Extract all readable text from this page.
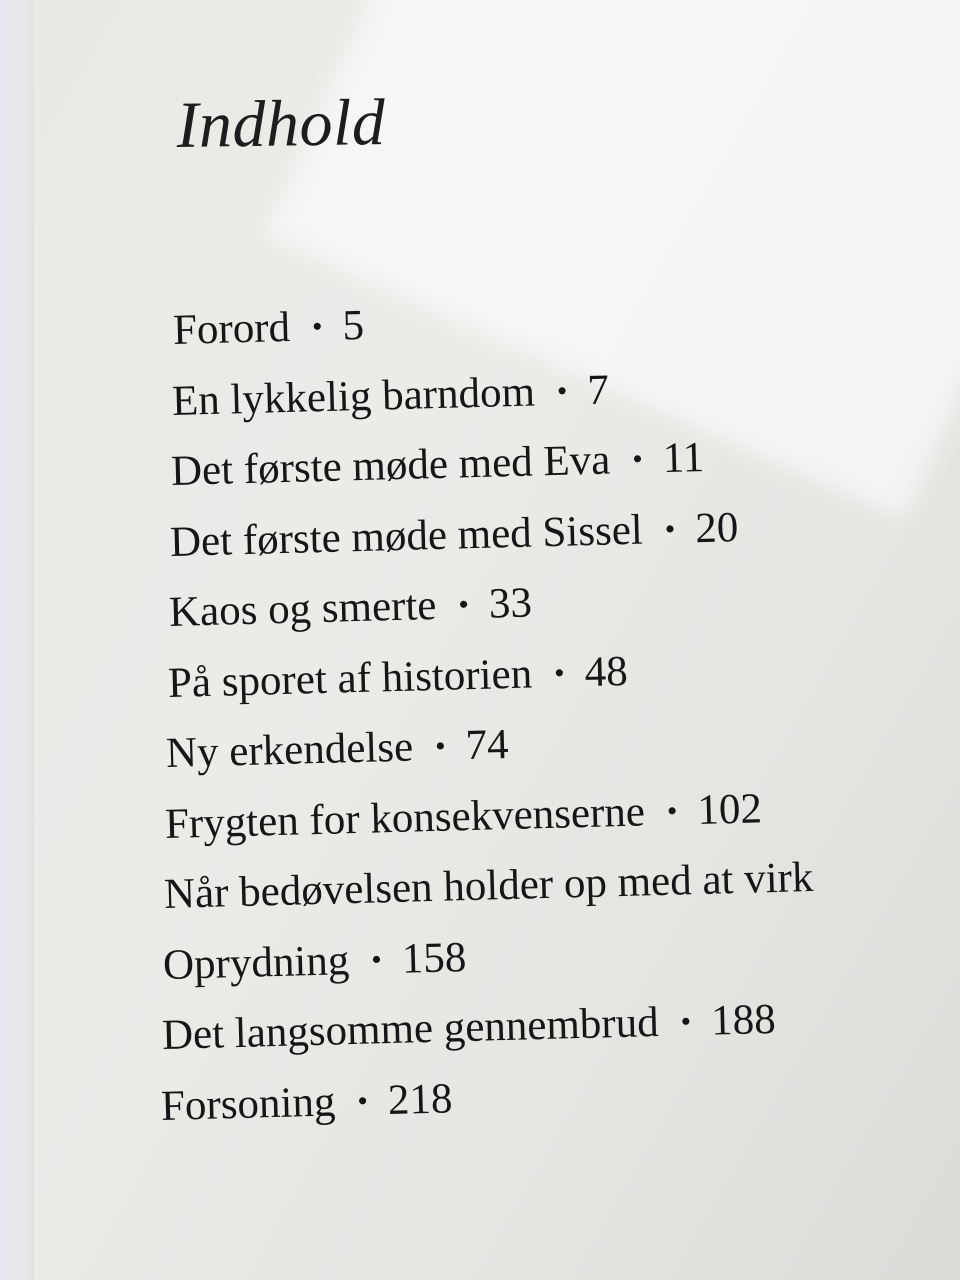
Indhold
Forord • 5
En lykkelig barndom • 7
Det første møde med Eva • 11
Det første møde med Sissel • 20
Kaos og smerte • 33
På sporet af historien • 48
Ny erkendelse • 74
Frygten for konsekvenserne • 102
Når bedøvelsen holder op med at virk
Oprydning • 158
Det langsomme gennembrud • 188
Forsoning • 218
